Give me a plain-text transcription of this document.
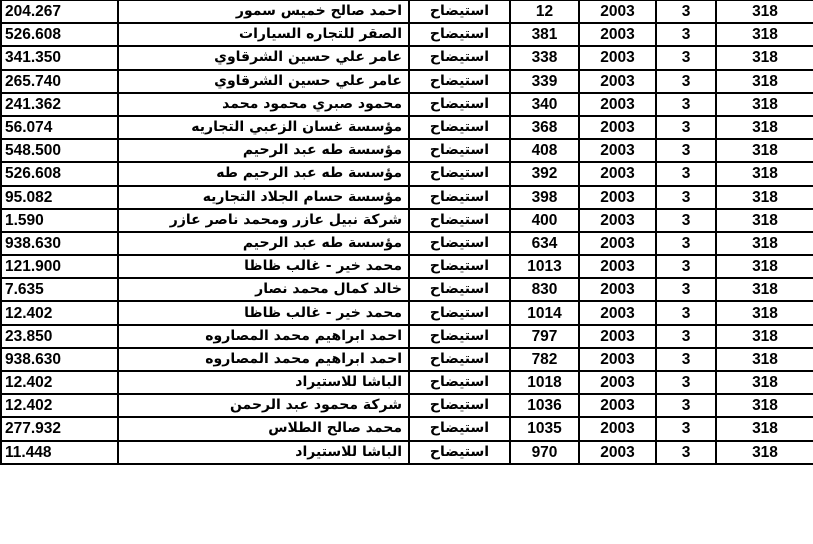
204.267	احمد صالح خميس سمور	استيضاح	12	2003	3	318
526.608	الصقر للتجاره السيارات	استيضاح	381	2003	3	318
341.350	عامر علي حسين الشرقاوي	استيضاح	338	2003	3	318
265.740	عامر علي حسين الشرقاوي	استيضاح	339	2003	3	318
241.362	محمود صبري محمود محمد	استيضاح	340	2003	3	318
56.074	مؤسسة غسان الزعبي التجاريه	استيضاح	368	2003	3	318
548.500	مؤسسة طه عبد الرحيم	استيضاح	408	2003	3	318
526.608	مؤسسة طه عبد الرحيم طه	استيضاح	392	2003	3	318
95.082	مؤسسة حسام الجلاد التجاريه	استيضاح	398	2003	3	318
1.590	شركة نبيل عازر ومحمد ناصر عازر	استيضاح	400	2003	3	318
938.630	مؤسسة طه عبد الرحيم	استيضاح	634	2003	3	318
121.900	محمد خير - غالب ظاظا	استيضاح	1013	2003	3	318
7.635	خالد كمال محمد نصار	استيضاح	830	2003	3	318
12.402	محمد خير - غالب ظاظا	استيضاح	1014	2003	3	318
23.850	احمد ابراهيم محمد المصاروه	استيضاح	797	2003	3	318
938.630	احمد ابراهيم محمد المصاروه	استيضاح	782	2003	3	318
12.402	الباشا للاستيراد	استيضاح	1018	2003	3	318
12.402	شركة محمود عبد الرحمن	استيضاح	1036	2003	3	318
277.932	محمد صالح الطلاس	استيضاح	1035	2003	3	318
11.448	الباشا للاستيراد	استيضاح	970	2003	3	318
